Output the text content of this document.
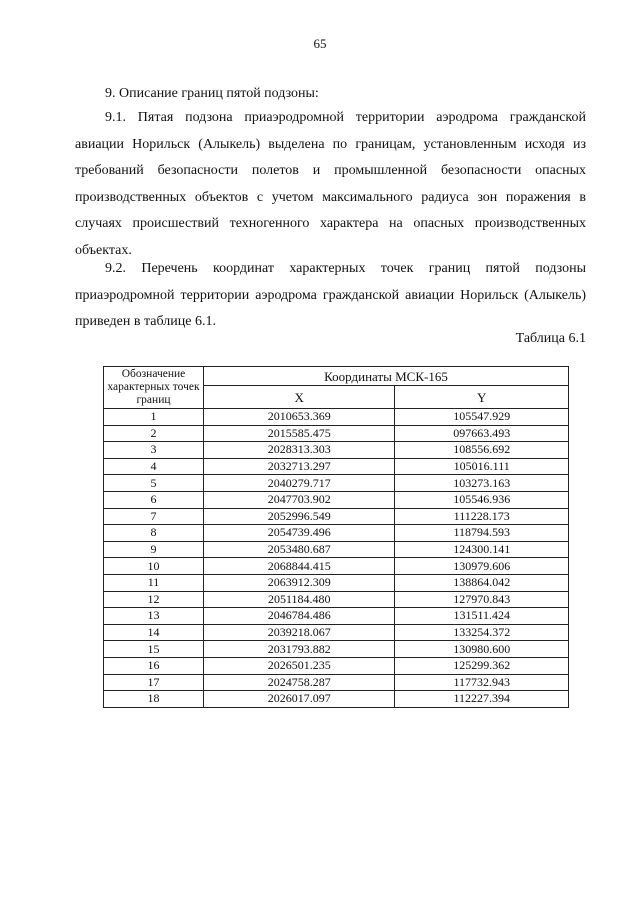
65
9. Описание границ пятой подзоны:
9.1. Пятая подзона приаэродромной территории аэродрома гражданской авиации Норильск (Алыкель) выделена по границам, установленным исходя из требований безопасности полетов и промышленной безопасности опасных производственных объектов с учетом максимального радиуса зон поражения в случаях происшествий техногенного характера на опасных производственных объектах.
9.2. Перечень координат характерных точек границ пятой подзоны приаэродромной территории аэродрома гражданской авиации Норильск (Алыкель) приведен в таблице 6.1.
Таблица 6.1
Обозначение характерных точек границ	Координаты МСК-165	
	X	Y
1	2010653.369	105547.929
2	2015585.475	097663.493
3	2028313.303	108556.692
4	2032713.297	105016.111
5	2040279.717	103273.163
6	2047703.902	105546.936
7	2052996.549	111228.173
8	2054739.496	118794.593
9	2053480.687	124300.141
10	2068844.415	130979.606
11	2063912.309	138864.042
12	2051184.480	127970.843
13	2046784.486	131511.424
14	2039218.067	133254.372
15	2031793.882	130980.600
16	2026501.235	125299.362
17	2024758.287	117732.943
18	2026017.097	112227.394
